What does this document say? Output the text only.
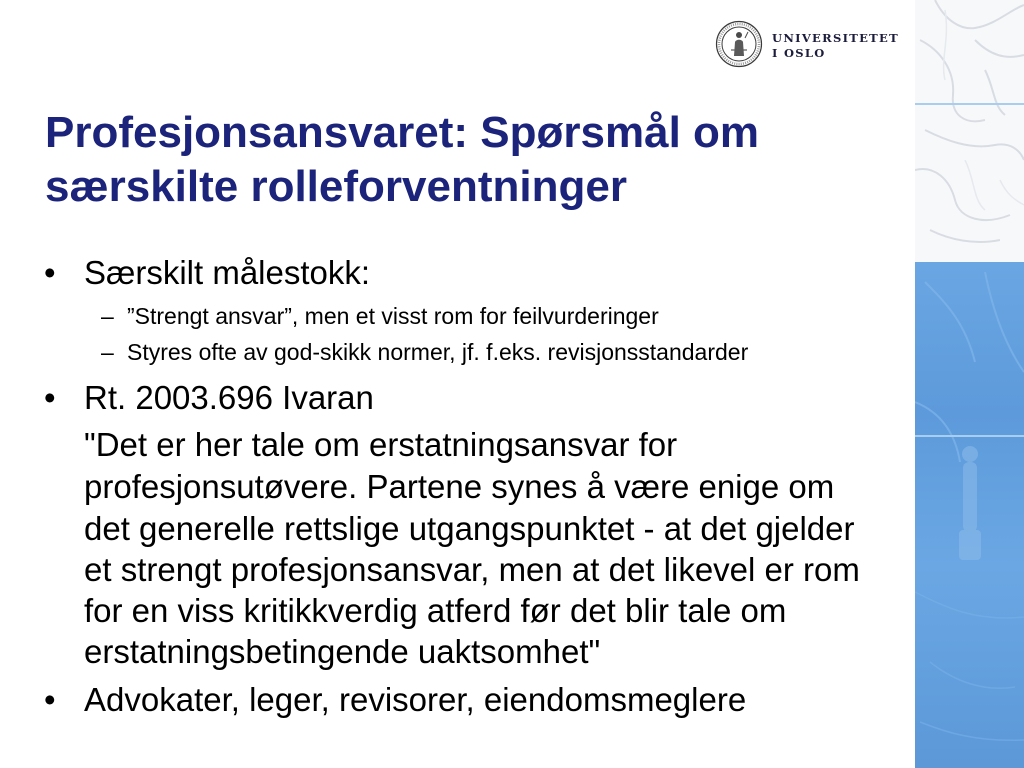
UNIVERSITETET
I OSLO
Profesjonsansvaret: Spørsmål om
særskilte rolleforventninger
• Særskilt målestokk:
– ”Strengt ansvar”, men et visst rom for feilvurderinger
– Styres ofte av god-skikk normer, jf. f.eks. revisjonsstandarder
• Rt. 2003.696 Ivaran
"Det er her tale om erstatningsansvar for
profesjonsutøvere. Partene synes å være enige om
det generelle rettslige utgangspunktet - at det gjelder
et strengt profesjonsansvar, men at det likevel er rom
for en viss kritikkverdig atferd før det blir tale om
erstatningsbetingende uaktsomhet"
• Advokater, leger, revisorer, eiendomsmeglere
